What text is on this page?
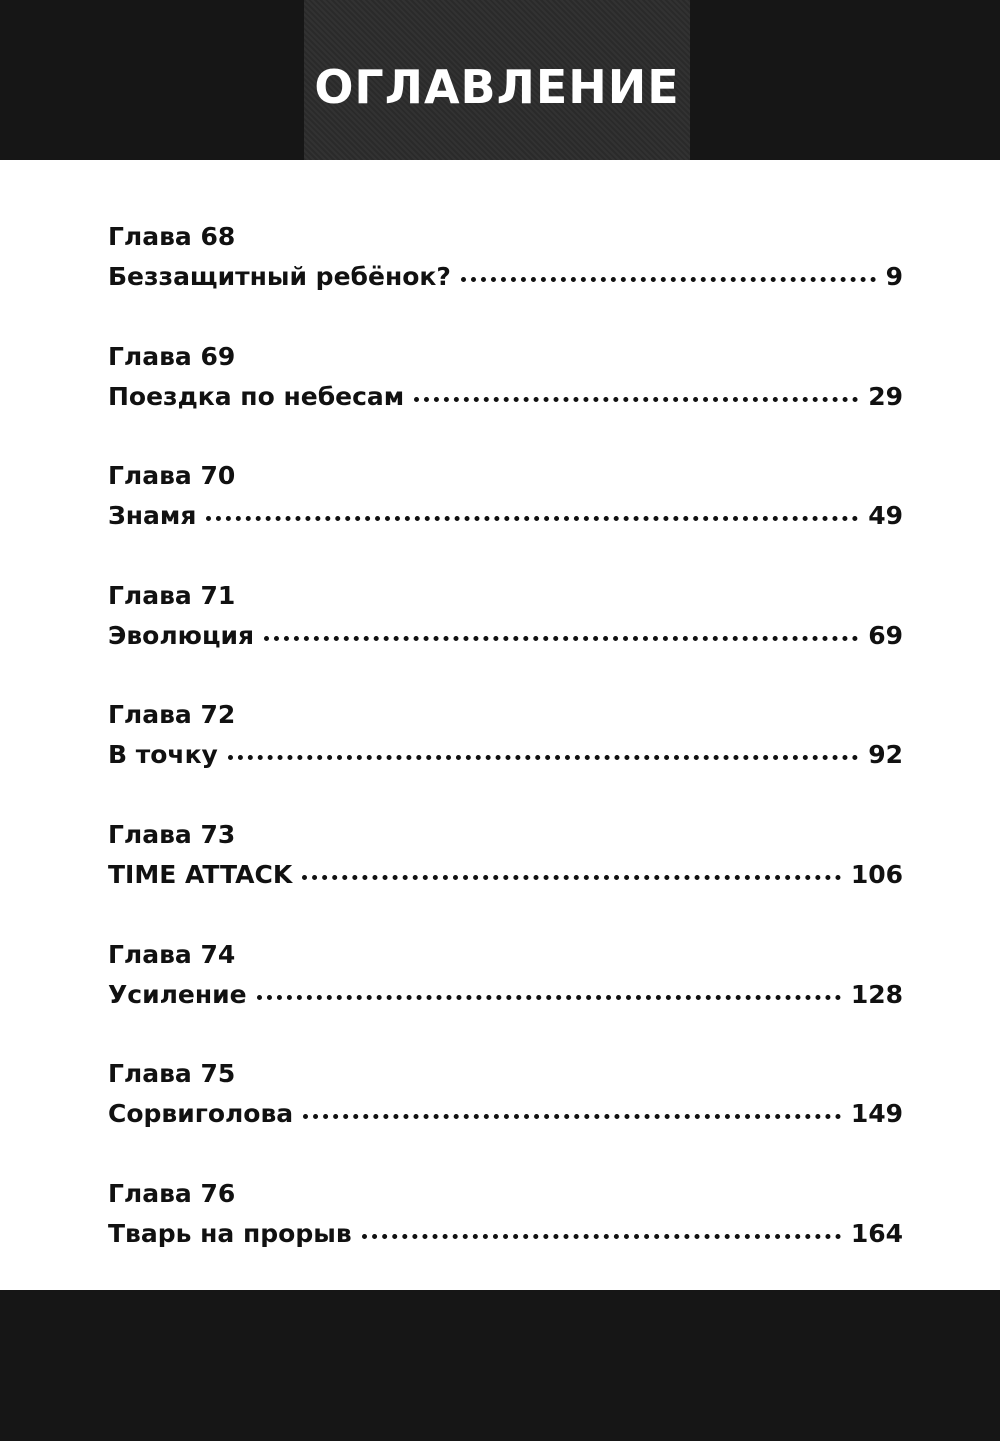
ОГЛАВЛЕНИЕ
Глава 68
Беззащитный ребёнок?	9
Глава 69
Поездка по небесам	29
Глава 70
Знамя	49
Глава 71
Эволюция	69
Глава 72
В точку	92
Глава 73
TIME ATTACK	106
Глава 74
Усиление	128
Глава 75
Сорвиголова	149
Глава 76
Тварь на прорыв	164
